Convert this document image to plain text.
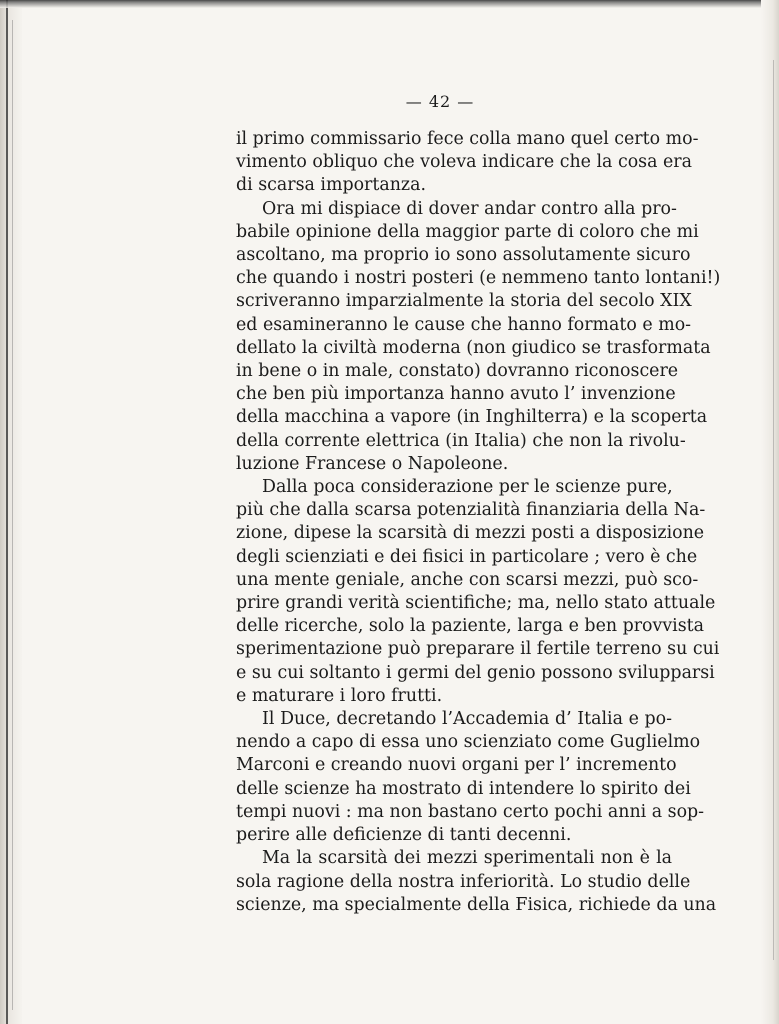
— 42 —
il primo commissario fece colla mano quel certo mo-
vimento obliquo che voleva indicare che la cosa era
di scarsa importanza.
Ora mi dispiace di dover andar contro alla pro-
babile opinione della maggior parte di coloro che mi
ascoltano, ma proprio io sono assolutamente sicuro
che quando i nostri posteri (e nemmeno tanto lontani!)
scriveranno imparzialmente la storia del secolo XIX
ed esamineranno le cause che hanno formato e mo-
dellato la civiltà moderna (non giudico se trasformata
in bene o in male, constato) dovranno riconoscere
che ben più importanza hanno avuto l’ invenzione
della macchina a vapore (in Inghilterra) e la scoperta
della corrente elettrica (in Italia) che non la rivolu-
luzione Francese o Napoleone.
Dalla poca considerazione per le scienze pure,
più che dalla scarsa potenzialità finanziaria della Na-
zione, dipese la scarsità di mezzi posti a disposizione
degli scienziati e dei fisici in particolare ; vero è che
una mente geniale, anche con scarsi mezzi, può sco-
prire grandi verità scientifiche; ma, nello stato attuale
delle ricerche, solo la paziente, larga e ben provvista
sperimentazione può preparare il fertile terreno su cui
e su cui soltanto i germi del genio possono svilupparsi
e maturare i loro frutti.
Il Duce, decretando l’Accademia d’ Italia e po-
nendo a capo di essa uno scienziato come Guglielmo
Marconi e creando nuovi organi per l’ incremento
delle scienze ha mostrato di intendere lo spirito dei
tempi nuovi : ma non bastano certo pochi anni a sop-
perire alle deficienze di tanti decenni.
Ma la scarsità dei mezzi sperimentali non è la
sola ragione della nostra inferiorità. Lo studio delle
scienze, ma specialmente della Fisica, richiede da una
